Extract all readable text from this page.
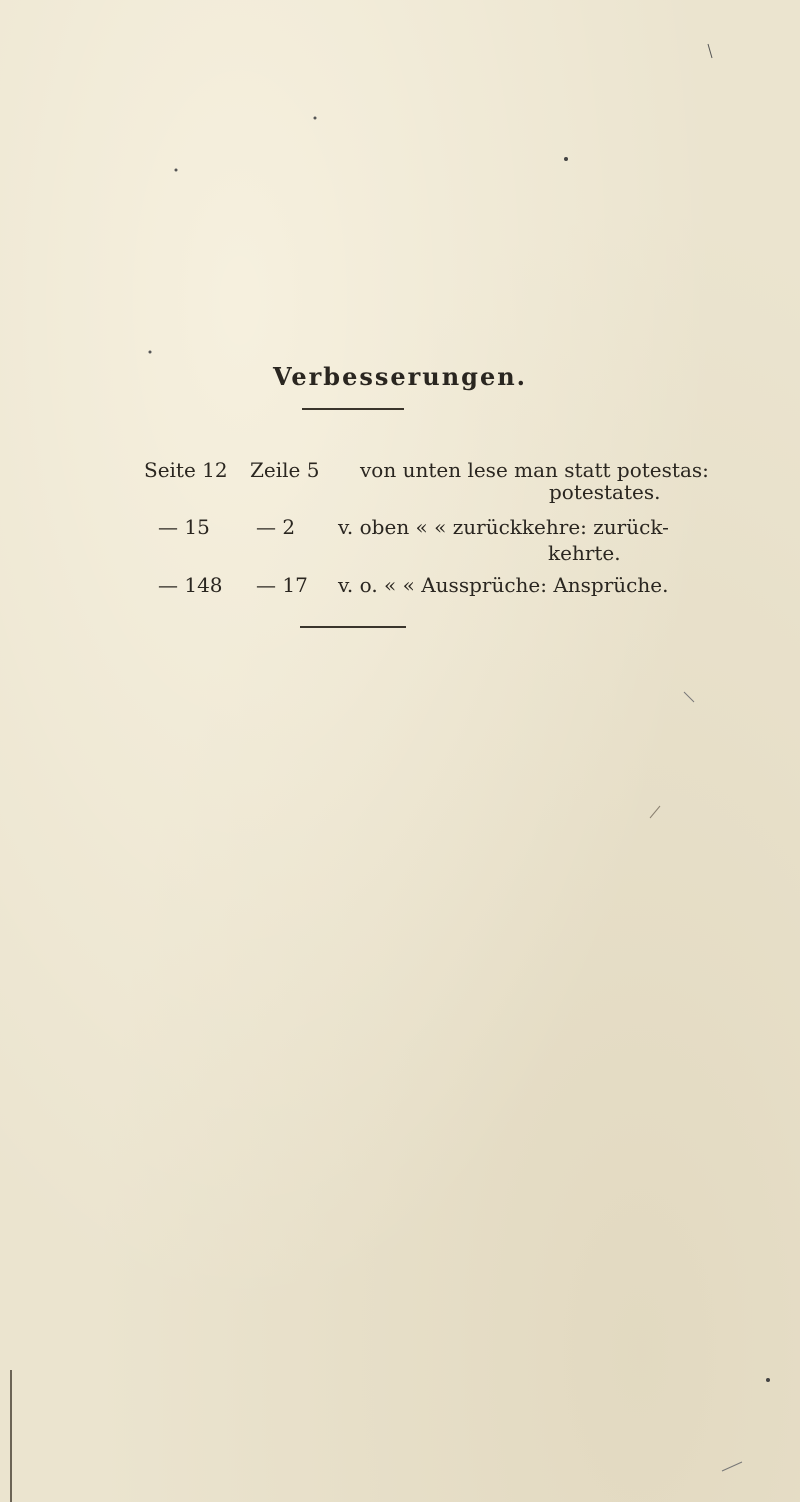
Verbesserungen.
Seite 12 Zeile 5 von unten lese man statt potestas:
potestates.
— 15 — 2 v. oben « « zurückkehre: zurück-
kehrte.
— 148 — 17 v. o. « « Aussprüche: Ansprüche.
